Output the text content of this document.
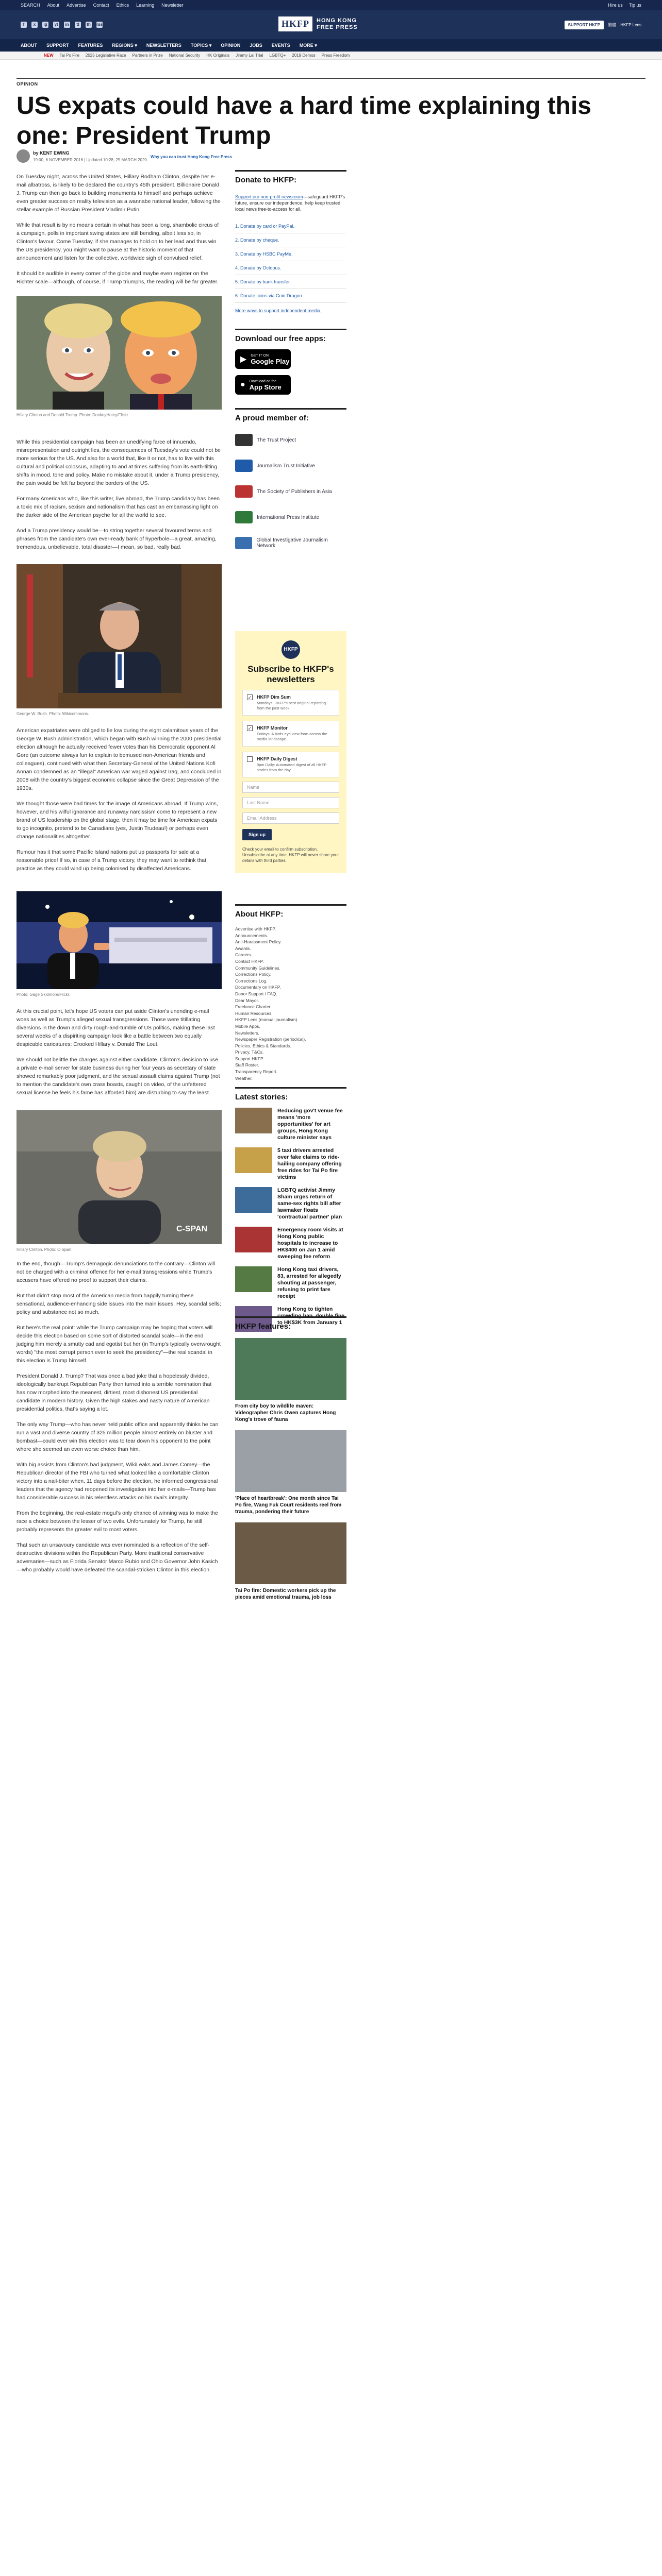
SEARCH About Advertise Contact Ethics Learning Newsletter	Hire us Tip us
f	x	ig	yt	in	tt	th rss	HKFP	HONG KONG
FREE PRESS	SUPPORT HKFP	繁體 HKFP Lens
ABOUT SUPPORT FEATURES REGIONS ▾ NEWSLETTERS TOPICS ▾ OPINION JOBS EVENTS MORE ▾
NEW Tai Po Fire 2025 Legislative Race Partners in Prize National Security HK Originals Jimmy Lai Trial LGBTQ+ 2019 Demos Press Freedom
OPINION
US expats could have a hard time explaining this one: President Trump
by KENT EWING
19:00, 6 NOVEMBER 2016 | Updated 10:28, 25 MARCH 2020
Why you can trust Hong Kong Free Press

On Tuesday night, across the United States, Hillary Rodham Clinton, despite her e-mail albatross, is likely to be declared the country's 45th president. Billionaire Donald J. Trump can then go back to building monuments to himself and perhaps achieve even greater success on reality television as a wannabe national leader, following the stellar example of Russian President Vladimir Putin.

While that result is by no means certain in what has been a long, shambolic circus of a campaign, polls in important swing states are still bending, albeit less so, in Clinton's favour. Come Tuesday, if she manages to hold on to her lead and thus win the US presidency, you might want to pause at the historic moment of that announcement and listen for the collective, worldwide sigh of convulsed relief.

It should be audible in every corner of the globe and maybe even register on the Richter scale—although, of course, if Trump triumphs, the reading will be far greater.

Hillary Clinton and Donald Trump. Photo: DonkeyHotey/Flickr.

While this presidential campaign has been an unedifying farce of innuendo, misrepresentation and outright lies, the consequences of Tuesday's vote could not be more serious for the US. And also for a world that, like it or not, has to live with this cultural and political colossus, adapting to and at times suffering from its earth-tilting shifts in mood, tone and policy. Make no mistake about it, under a Trump presidency, the pain would be felt far beyond the borders of the US.

For many Americans who, like this writer, live abroad, the Trump candidacy has been a toxic mix of racism, sexism and nationalism that has cast an embarrassing light on the darker side of the American psyche for all the world to see.

And a Trump presidency would be—to string together several favoured terms and phrases from the candidate's own ever-ready bank of hyperbole—a great, amazing, tremendous, unbelievable, total disaster—I mean, so bad, really bad.

George W. Bush. Photo: Wikicommons.

American expatriates were obliged to lie low during the eight calamitous years of the George W. Bush administration, which began with Bush winning the 2000 presidential election although he actually received fewer votes than his Democratic opponent Al Gore (an outcome always fun to explain to bemused non-American friends and colleagues), continued with what then Secretary-General of the United Nations Kofi Annan condemned as an "illegal" American war waged against Iraq, and concluded in 2008 with the country's biggest economic collapse since the Great Depression of the 1930s.

We thought those were bad times for the image of Americans abroad. If Trump wins, however, and his wilful ignorance and runaway narcissism come to represent a new brand of US leadership on the global stage, then it may be time for American expats to go incognito, pretend to be Canadians (yes, Justin Trudeau!) or perhaps even change nationalities altogether.

Rumour has it that some Pacific Island nations put up passports for sale at a reasonable price! If so, in case of a Trump victory, they may want to rethink that practice as they could wind up being colonised by disaffected Americans.

Photo: Gage Skidmore/Flickr.

At this crucial point, let's hope US voters can put aside Clinton's unending e-mail woes as well as Trump's alleged sexual transgressions. Those were titillating diversions in the down and dirty rough-and-tumble of US politics, making these last several weeks of a dispiriting campaign look like a battle between two equally despicable caricatures: Crooked Hillary v. Donald The Lout.

We should not belittle the charges against either candidate. Clinton's decision to use a private e-mail server for state business during her four years as secretary of state showed remarkably poor judgment, and the sexual assault claims against Trump (not to mention the candidate's own crass boasts, caught on video, of the unfettered sexual license he feels his fame has afforded him) are disturbing to say the least.

C-SPAN
Hillary Clinton. Photo: C-Span.

In the end, though—Trump's demagogic denunciations to the contrary—Clinton will not be charged with a criminal offence for her e-mail transgressions while Trump's accusers have offered no proof to support their claims.

But that didn't stop most of the American media from happily turning these sensational, audience-enhancing side issues into the main issues. Hey, scandal sells; policy and substance not so much.

But here's the real point: while the Trump campaign may be hoping that voters will decide this election based on some sort of distorted scandal scale—in the end judging him merely a smutty cad and egotist but her (in Trump's typically overwrought words) "the most corrupt person ever to seek the presidency"—the real scandal in this election is Trump himself.

President Donald J. Trump? That was once a bad joke that a hopelessly divided, ideologically bankrupt Republican Party then turned into a terrible nomination that has now morphed into the meanest, dirtiest, most dishonest US presidential candidate in modern history. Given the high stakes and nasty nature of American presidential politics, that's saying a lot.

The only way Trump—who has never held public office and apparently thinks he can run a vast and diverse country of 325 million people almost entirely on bluster and bombast—could ever win this election was to tear down his opponent to the point where she seemed an even worse choice than him.

With big assists from Clinton's bad judgment, WikiLeaks and James Comey—the Republican director of the FBI who turned what looked like a comfortable Clinton victory into a nail-biter when, 11 days before the election, he informed congressional leaders that the agency had reopened its investigation into her e-mails—Trump has had considerable success in his relentless attacks on his rival's integrity.

From the beginning, the real-estate mogul's only chance of winning was to make the race a choice between the lesser of two evils. Unfortunately for Trump, he still probably represents the greater evil to most voters.

That such an unsavoury candidate was ever nominated is a reflection of the self-destructive divisions within the Republican Party. More traditional conservative adversaries—such as Florida Senator Marco Rubio and Ohio Governor John Kasich—who probably would have defeated the scandal-stricken Clinton in this election.

Donate to HKFP:
Support our non-profit newsroom—safeguard HKFP's future, ensure our independence, help keep trusted local news free-to-access for all.
1. Donate by card or PayPal.
2. Donate by cheque.
3. Donate by HSBC PayMe.
4. Donate by Octopus.
5. Donate by bank transfer.
6. Donate coins via Coin Dragon.
More ways to support independent media.
Download our free apps:
▶ GET IT ON
Google Play
● Download on the
App Store
A proud member of:
The Trust Project
Journalism Trust Initiative
The Society of Publishers in Asia
International Press Institute
Global Investigative Journalism Network
HKFP
Subscribe to HKFP's newsletters
✓ HKFP Dim Sum
Mondays: HKFP's best original reporting from the past week.
✓ HKFP Monitor
Fridays: A birds-eye view from across the media landscape.
HKFP Daily Digest
9pm Daily: Automated digest of all HKFP stories from the day.
Name
Last Name
Email Address
Sign up
Check your email to confirm subscription. Unsubscribe at any time. HKFP will never share your details with third parties.
About HKFP:
Advertise with HKFP.
Announcements.
Anti-Harassment Policy.
Awards.
Careers.
Contact HKFP.
Community Guidelines.
Corrections Policy.
Corrections Log.
Documentary on HKFP.
Donor Support / FAQ.
Dear Mayor.
Freelance Charter.
Human Resources.
HKFP Lens (manual journalism).
Mobile Apps.
Newsletters.
Newspaper Registration (periodical).
Policies, Ethics & Standards.
Privacy, T&Cs.
Support HKFP.
Staff Roster.
Transparency Report.
Weather.
Latest stories:
Reducing gov't venue fee means 'more opportunities' for art groups, Hong Kong culture minister says
5 taxi drivers arrested over fake claims to ride-hailing company offering free rides for Tai Po fire victims
LGBTQ activist Jimmy Sham urges return of same-sex rights bill after lawmaker floats 'contractual partner' plan
Emergency room visits at Hong Kong public hospitals to increase to HK$400 on Jan 1 amid sweeping fee reform
Hong Kong taxi drivers, 83, arrested for allegedly shouting at passenger, refusing to print fare receipt
Hong Kong to tighten crowding ban, double fine to HK$3K from January 1
HKFP features:
From city boy to wildlife maven: Videographer Chris Owen captures Hong Kong's trove of fauna
'Place of heartbreak': One month since Tai Po fire, Wang Fuk Court residents reel from trauma, pondering their future
Tai Po fire: Domestic workers pick up the pieces amid emotional trauma, job loss
